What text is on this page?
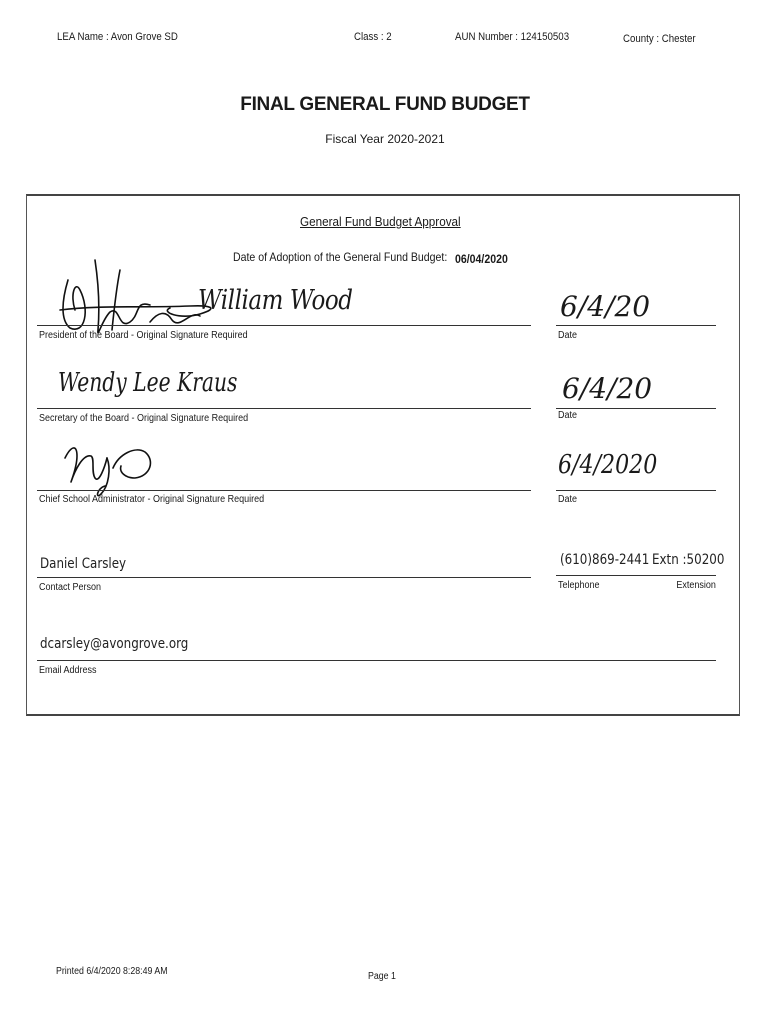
LEA Name : Avon Grove SD	Class : 2	AUN Number : 124150503	County : Chester
FINAL GENERAL FUND BUDGET
Fiscal Year 2020-2021
General Fund Budget Approval
Date of Adoption of the General Fund Budget: 06/04/2020
William Wood
President of the Board - Original Signature Required
6/4/20
Date
Wendy Lee Kraus
Secretary of the Board - Original Signature Required
6/4/20
Date
Chief School Administrator - Original Signature Required
6/4/2020
Date
Daniel Carsley
Contact Person
(610)869-2441 Extn :50200
Telephone	Extension
dcarsley@avongrove.org
Email Address
Printed 6/4/2020 8:28:49 AM	Page 1
